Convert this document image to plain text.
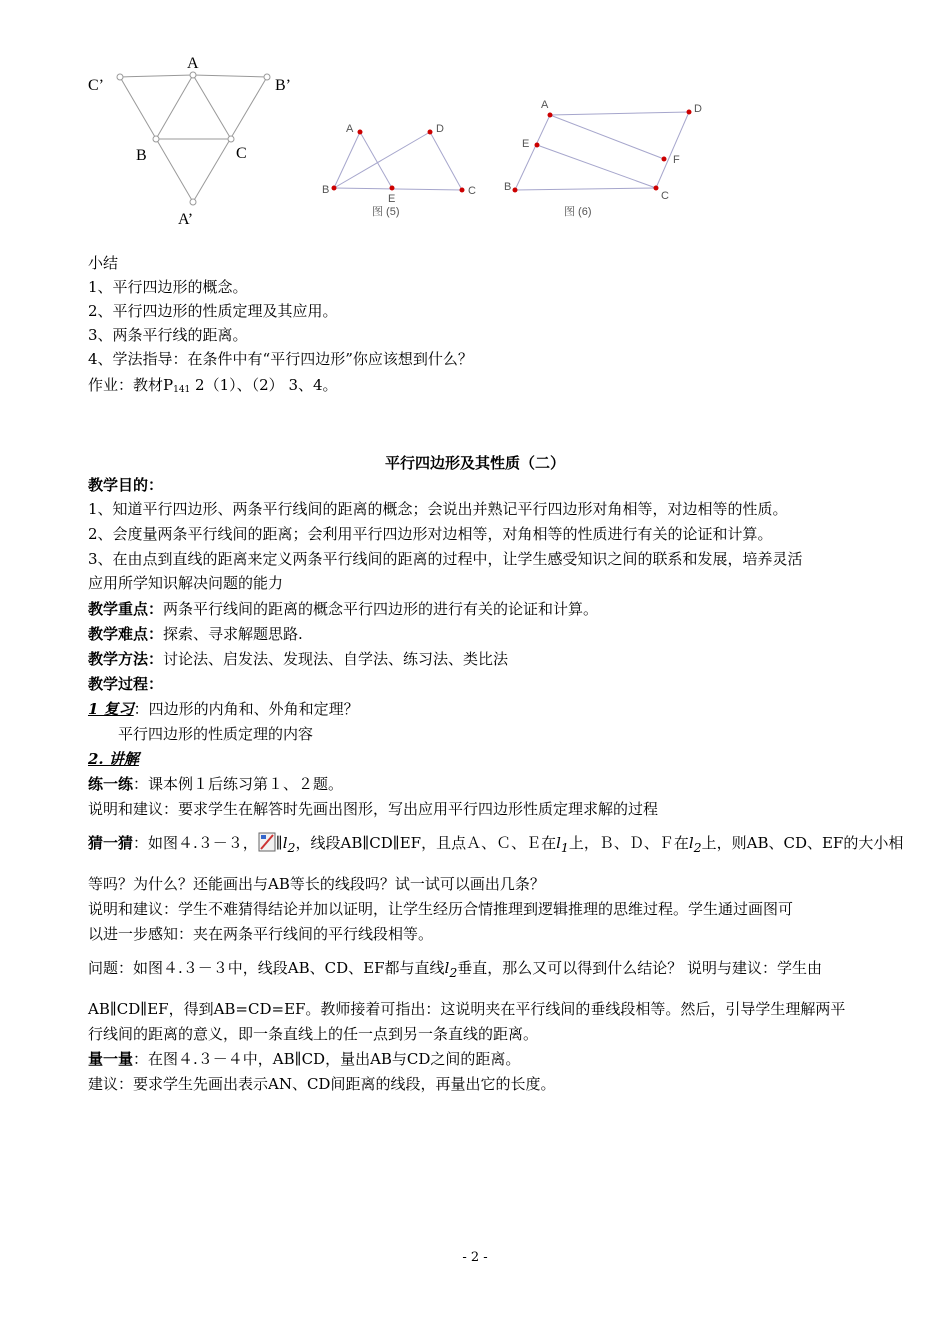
A
C’	B’
B	C
A’
A	D
B
E
C
图 (5)
A	D
E
F
B
C
图 (6)
小结
1、平行四边形的概念。
2、平行四边形的性质定理及其应用。
3、两条平行线的距离。
4、学法指导：在条件中有“平行四边形”你应该想到什么？
作业：教材$P_{141}$ 2（1）、（2） 3、4。
平行四边形及其性质（二）
教学目的：
1、知道平行四边形、两条平行线间的距离的概念；会说出并熟记平行四边形对角相等，对边相等的性质。
2、会度量两条平行线间的距离；会利用平行四边形对边相等，对角相等的性质进行有关的论证和计算。
3、在由点到直线的距离来定义两条平行线间的距离的过程中，让学生感受知识之间的联系和发展，培养灵活
应用所学知识解决问题的能力
教学重点：两条平行线间的距离的概念平行四边形的进行有关的论证和计算。
教学难点：探索、寻求解题思路.
教学方法：讨论法、启发法、发现法、自学法、练习法、类比法
教学过程：
1 复习：四边形的内角和、外角和定理？
平行四边形的性质定理的内容
2. 讲解
练一练：课本例１后练习第１、２题。
说明和建议：要求学生在解答时先画出图形，写出应用平行四边形性质定理求解的过程
猜一猜：如图４.３－３， $\parallel l_2$，线段AB∥CD∥EF，且点Ａ、Ｃ、Ｅ在$l_1$上，Ｂ、Ｄ、Ｆ在$l_2$上，则AB、CD、EF的大小相
等吗？为什么？还能画出与AB等长的线段吗？试一试可以画出几条？
说明和建议：学生不难猜得结论并加以证明，让学生经历合情推理到逻辑推理的思维过程。学生通过画图可
以进一步感知：夹在两条平行线间的平行线段相等。
问题：如图４.３－３中，线段AB、CD、EF都与直线$l_2$垂直，那么又可以得到什么结论？ 说明与建议：学生由
AB∥CD∥EF，得到AB=CD=EF。教师接着可指出：这说明夹在平行线间的垂线段相等。然后，引导学生理解两平
行线间的距离的意义，即一条直线上的任一点到另一条直线的距离。
量一量：在图４.３－４中，AB∥CD，量出AB与CD之间的距离。
建议：要求学生先画出表示AN、CD间距离的线段，再量出它的长度。
- 2 -
